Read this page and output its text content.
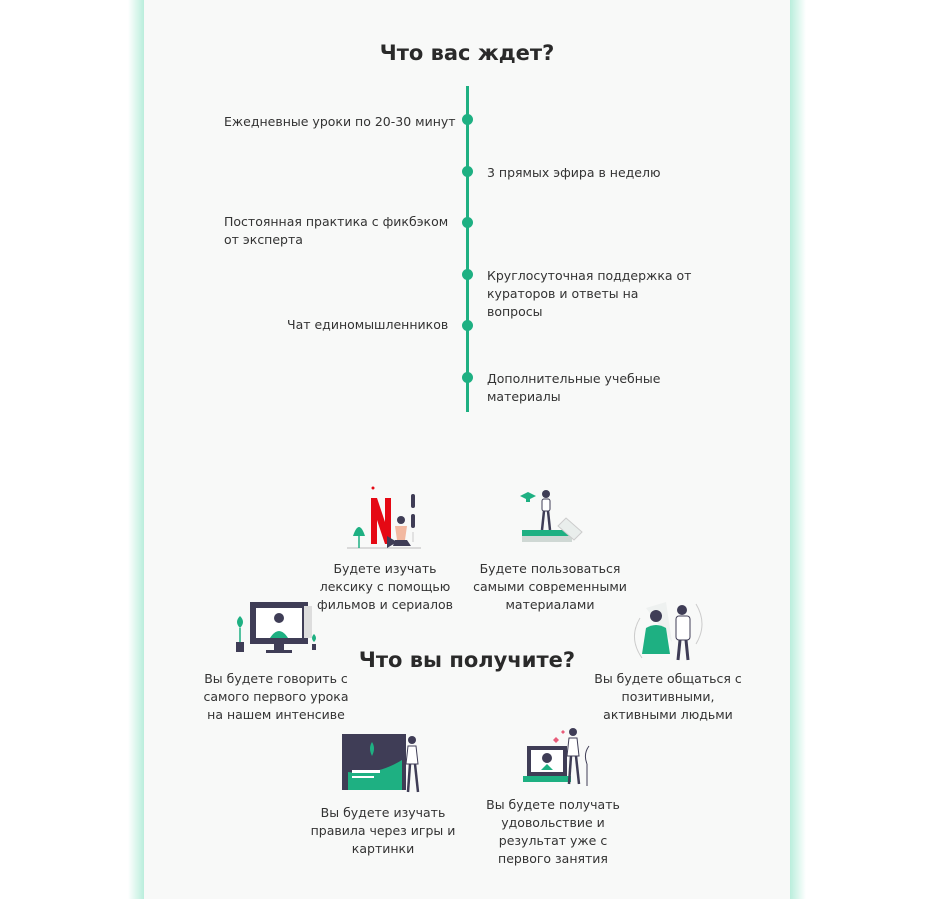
Что вас ждет?
Ежедневные уроки по 20-30 минут
3 прямых эфира в неделю
Постоянная практика с фикбэком от эксперта
Круглосуточная поддержка от кураторов и ответы на вопросы
Чат единомышленников
Дополнительные учебные материалы
Что вы получите?
Будете изучать лексику с помощью фильмов и сериалов
Будете пользоваться самыми современными материалами
Вы будете говорить с самого первого урока на нашем интенсиве
Вы будете общаться с позитивными, активными людьми
Вы будете изучать правила через игры и картинки
Вы будете получать удовольствие и результат уже с первого занятия
